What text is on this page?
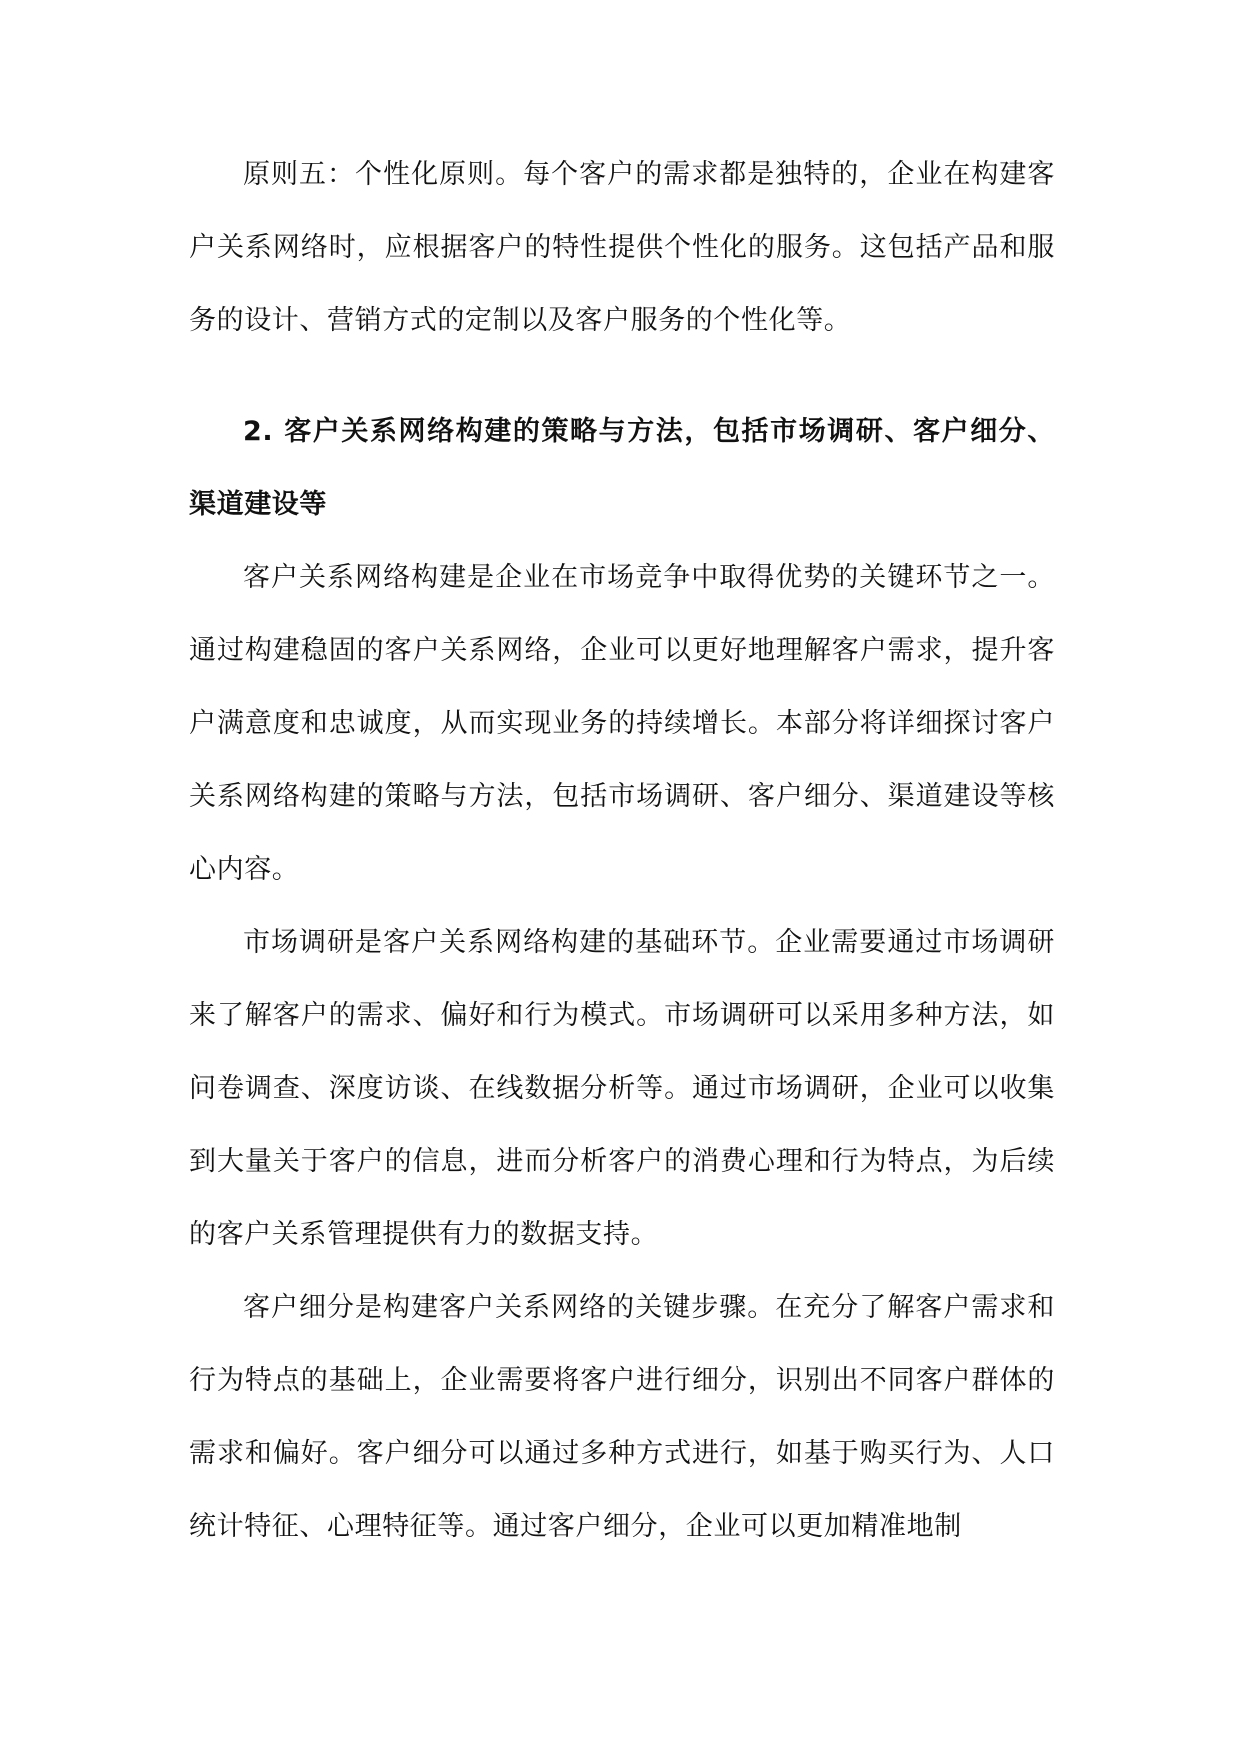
原则五：个性化原则。每个客户的需求都是独特的，企业在构建客户关系网络时，应根据客户的特性提供个性化的服务。这包括产品和服务的设计、营销方式的定制以及客户服务的个性化等。

2. 客户关系网络构建的策略与方法，包括市场调研、客户细分、渠道建设等

客户关系网络构建是企业在市场竞争中取得优势的关键环节之一。通过构建稳固的客户关系网络，企业可以更好地理解客户需求，提升客户满意度和忠诚度，从而实现业务的持续增长。本部分将详细探讨客户关系网络构建的策略与方法，包括市场调研、客户细分、渠道建设等核心内容。

市场调研是客户关系网络构建的基础环节。企业需要通过市场调研来了解客户的需求、偏好和行为模式。市场调研可以采用多种方法，如问卷调查、深度访谈、在线数据分析等。通过市场调研，企业可以收集到大量关于客户的信息，进而分析客户的消费心理和行为特点，为后续的客户关系管理提供有力的数据支持。

客户细分是构建客户关系网络的关键步骤。在充分了解客户需求和行为特点的基础上，企业需要将客户进行细分，识别出不同客户群体的需求和偏好。客户细分可以通过多种方式进行，如基于购买行为、人口统计特征、心理特征等。通过客户细分，企业可以更加精准地制
